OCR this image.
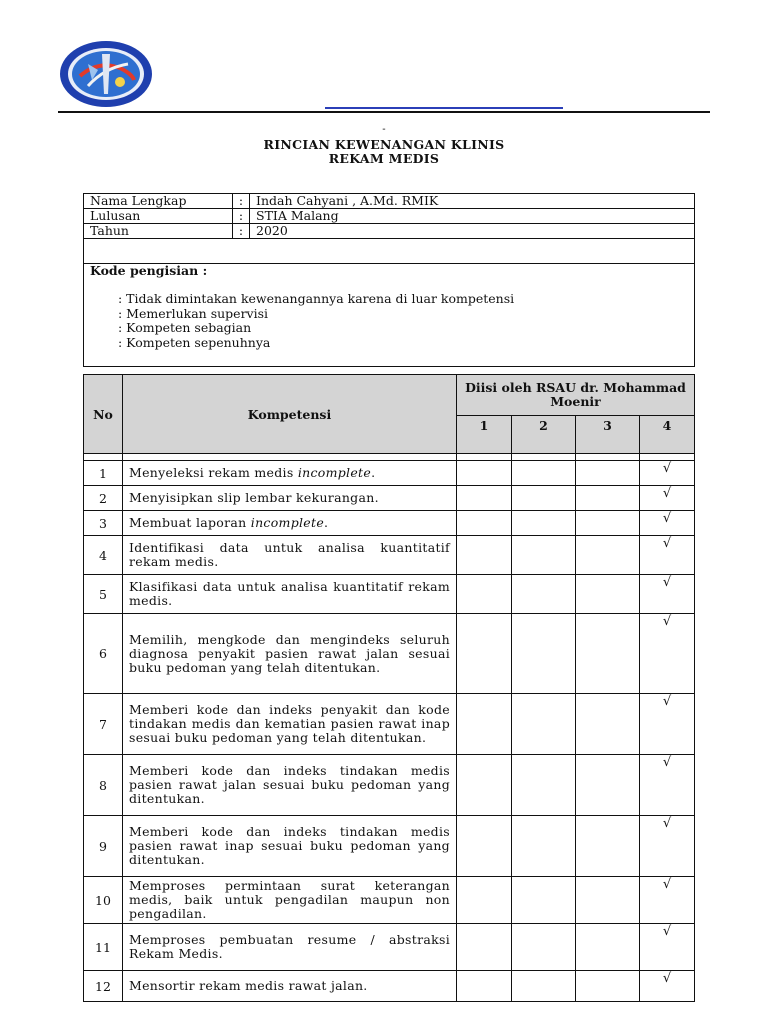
-
RINCIAN KEWENANGAN KLINIS
REKAM MEDIS
Nama Lengkap	:	Indah Cahyani , A.Md. RMIK
Lulusan	:	STIA Malang
Tahun	:	2020

Kode pengisian :
: Tidak dimintakan kewenangannya karena di luar kompetensi
: Memerlukan supervisi
: Kompeten sebagian
: Kompeten sepenuhnya		
No	Kompetensi	Diisi oleh RSAU dr. Mohammad Moenir			
		1	2	3	4

1	Menyeleksi rekam medis incomplete.				√
2	Menyisipkan slip lembar kekurangan.				√
3	Membuat laporan incomplete.				√
4	Identifikasi data untuk analisa kuantitatif rekam medis.				√
5	Klasifikasi data untuk analisa kuantitatif rekam medis.				√
6	Memilih, mengkode dan mengindeks seluruh diagnosa penyakit pasien rawat jalan sesuai buku pedoman yang telah ditentukan.				√
7	Memberi kode dan indeks penyakit dan kode tindakan medis dan kematian pasien rawat inap sesuai buku pedoman yang telah ditentukan.				√
8	Memberi kode dan indeks tindakan medis pasien rawat jalan sesuai buku pedoman yang ditentukan.				√
9	Memberi kode dan indeks tindakan medis pasien rawat inap sesuai buku pedoman yang ditentukan.				√
10	Memproses permintaan surat keterangan medis, baik untuk pengadilan maupun non pengadilan.				√
11	Memproses pembuatan resume / abstraksi Rekam Medis.				√
12	Mensortir rekam medis rawat jalan.				√
